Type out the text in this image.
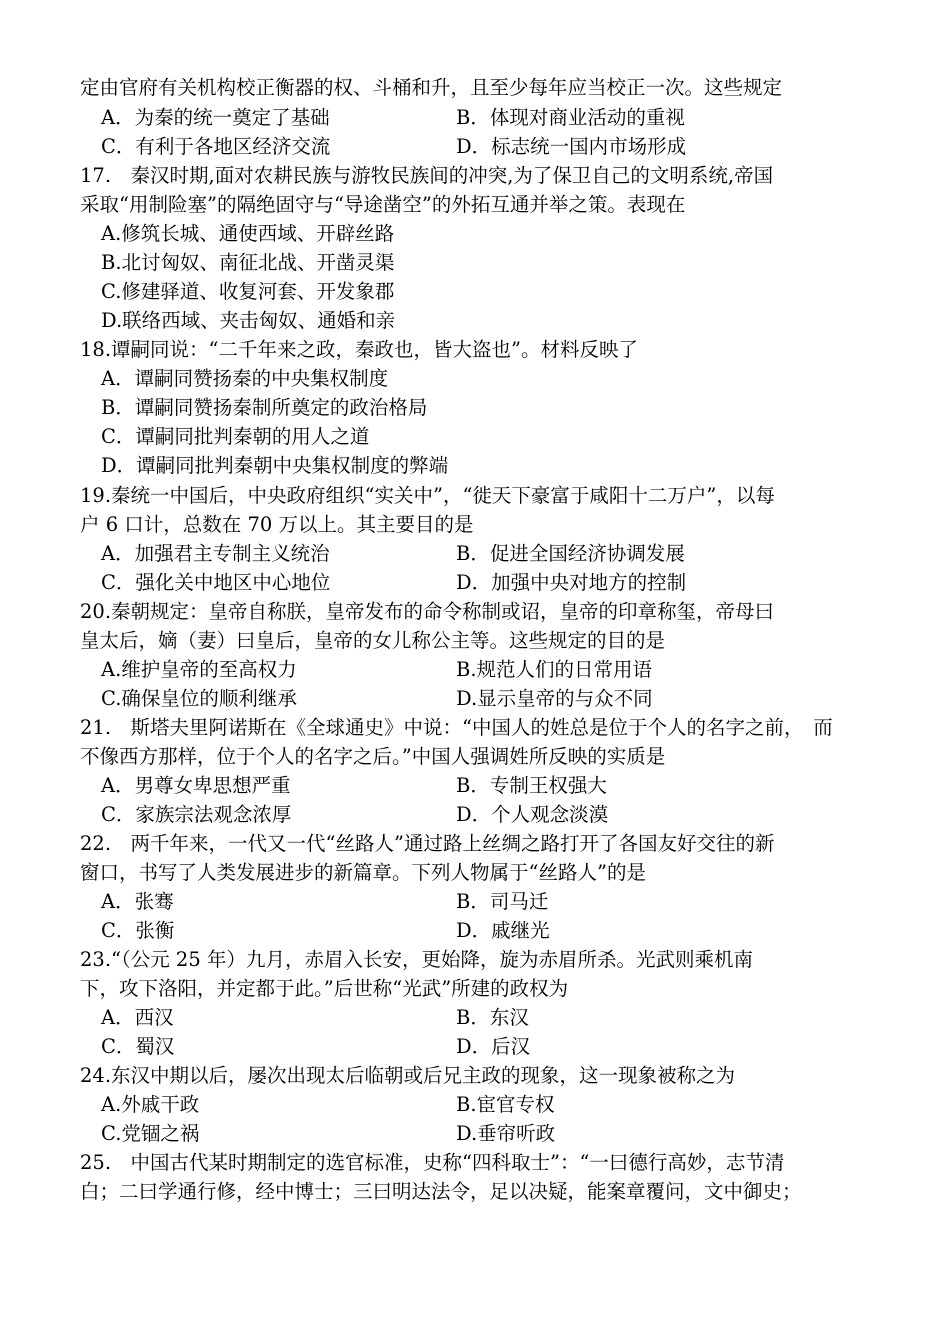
定由官府有关机构校正衡器的权、斗桶和升，且至少每年应当校正一次。这些规定
A．为秦的统一奠定了基础	B．体现对商业活动的重视
C．有利于各地区经济交流	D．标志统一国内市场形成
17.　秦汉时期,面对农耕民族与游牧民族间的冲突,为了保卫自己的文明系统,帝国
采取“用制险塞”的隔绝固守与“导途凿空”的外拓互通并举之策。表现在
A.修筑长城、通使西域、开辟丝路
B.北讨匈奴、南征北战、开凿灵渠
C.修建驿道、收复河套、开发象郡
D.联络西域、夹击匈奴、通婚和亲
18.谭嗣同说：“二千年来之政，秦政也，皆大盗也”。材料反映了
A．谭嗣同赞扬秦的中央集权制度
B．谭嗣同赞扬秦制所奠定的政治格局
C．谭嗣同批判秦朝的用人之道
D．谭嗣同批判秦朝中央集权制度的弊端
19.秦统一中国后，中央政府组织“实关中”，“徙天下豪富于咸阳十二万户”，以每
户 6 口计，总数在 70 万以上。其主要目的是
A．加强君主专制主义统治	B．促进全国经济协调发展
C．强化关中地区中心地位	D．加强中央对地方的控制
20.秦朝规定：皇帝自称朕，皇帝发布的命令称制或诏，皇帝的印章称玺，帝母曰
皇太后，嫡（妻）曰皇后，皇帝的女儿称公主等。这些规定的目的是
A.维护皇帝的至高权力	B.规范人们的日常用语
C.确保皇位的顺利继承	D.显示皇帝的与众不同
21.　斯塔夫里阿诺斯在《全球通史》中说：“中国人的姓总是位于个人的名字之前，　而
不像西方那样，位于个人的名字之后。”中国人强调姓所反映的实质是
A．男尊女卑思想严重	B．专制王权强大
C．家族宗法观念浓厚	D．个人观念淡漠
22.　两千年来，一代又一代“丝路人”通过路上丝绸之路打开了各国友好交往的新
窗口，书写了人类发展进步的新篇章。下列人物属于“丝路人”的是
A．张骞	B．司马迁
C．张衡	D．戚继光
23.“（公元 25 年）九月，赤眉入长安，更始降，旋为赤眉所杀。光武则乘机南
下，攻下洛阳，并定都于此。”后世称“光武”所建的政权为
A．西汉	B．东汉
C．蜀汉	D．后汉
24.东汉中期以后，屡次出现太后临朝或后兄主政的现象，这一现象被称之为
A.外戚干政	B.宦官专权
C.党锢之祸	D.垂帘听政
25.　中国古代某时期制定的选官标准，史称“四科取士”：“一曰德行高妙，志节清
白；二曰学通行修，经中博士；三曰明达法令，足以决疑，能案章覆问，文中御史；
